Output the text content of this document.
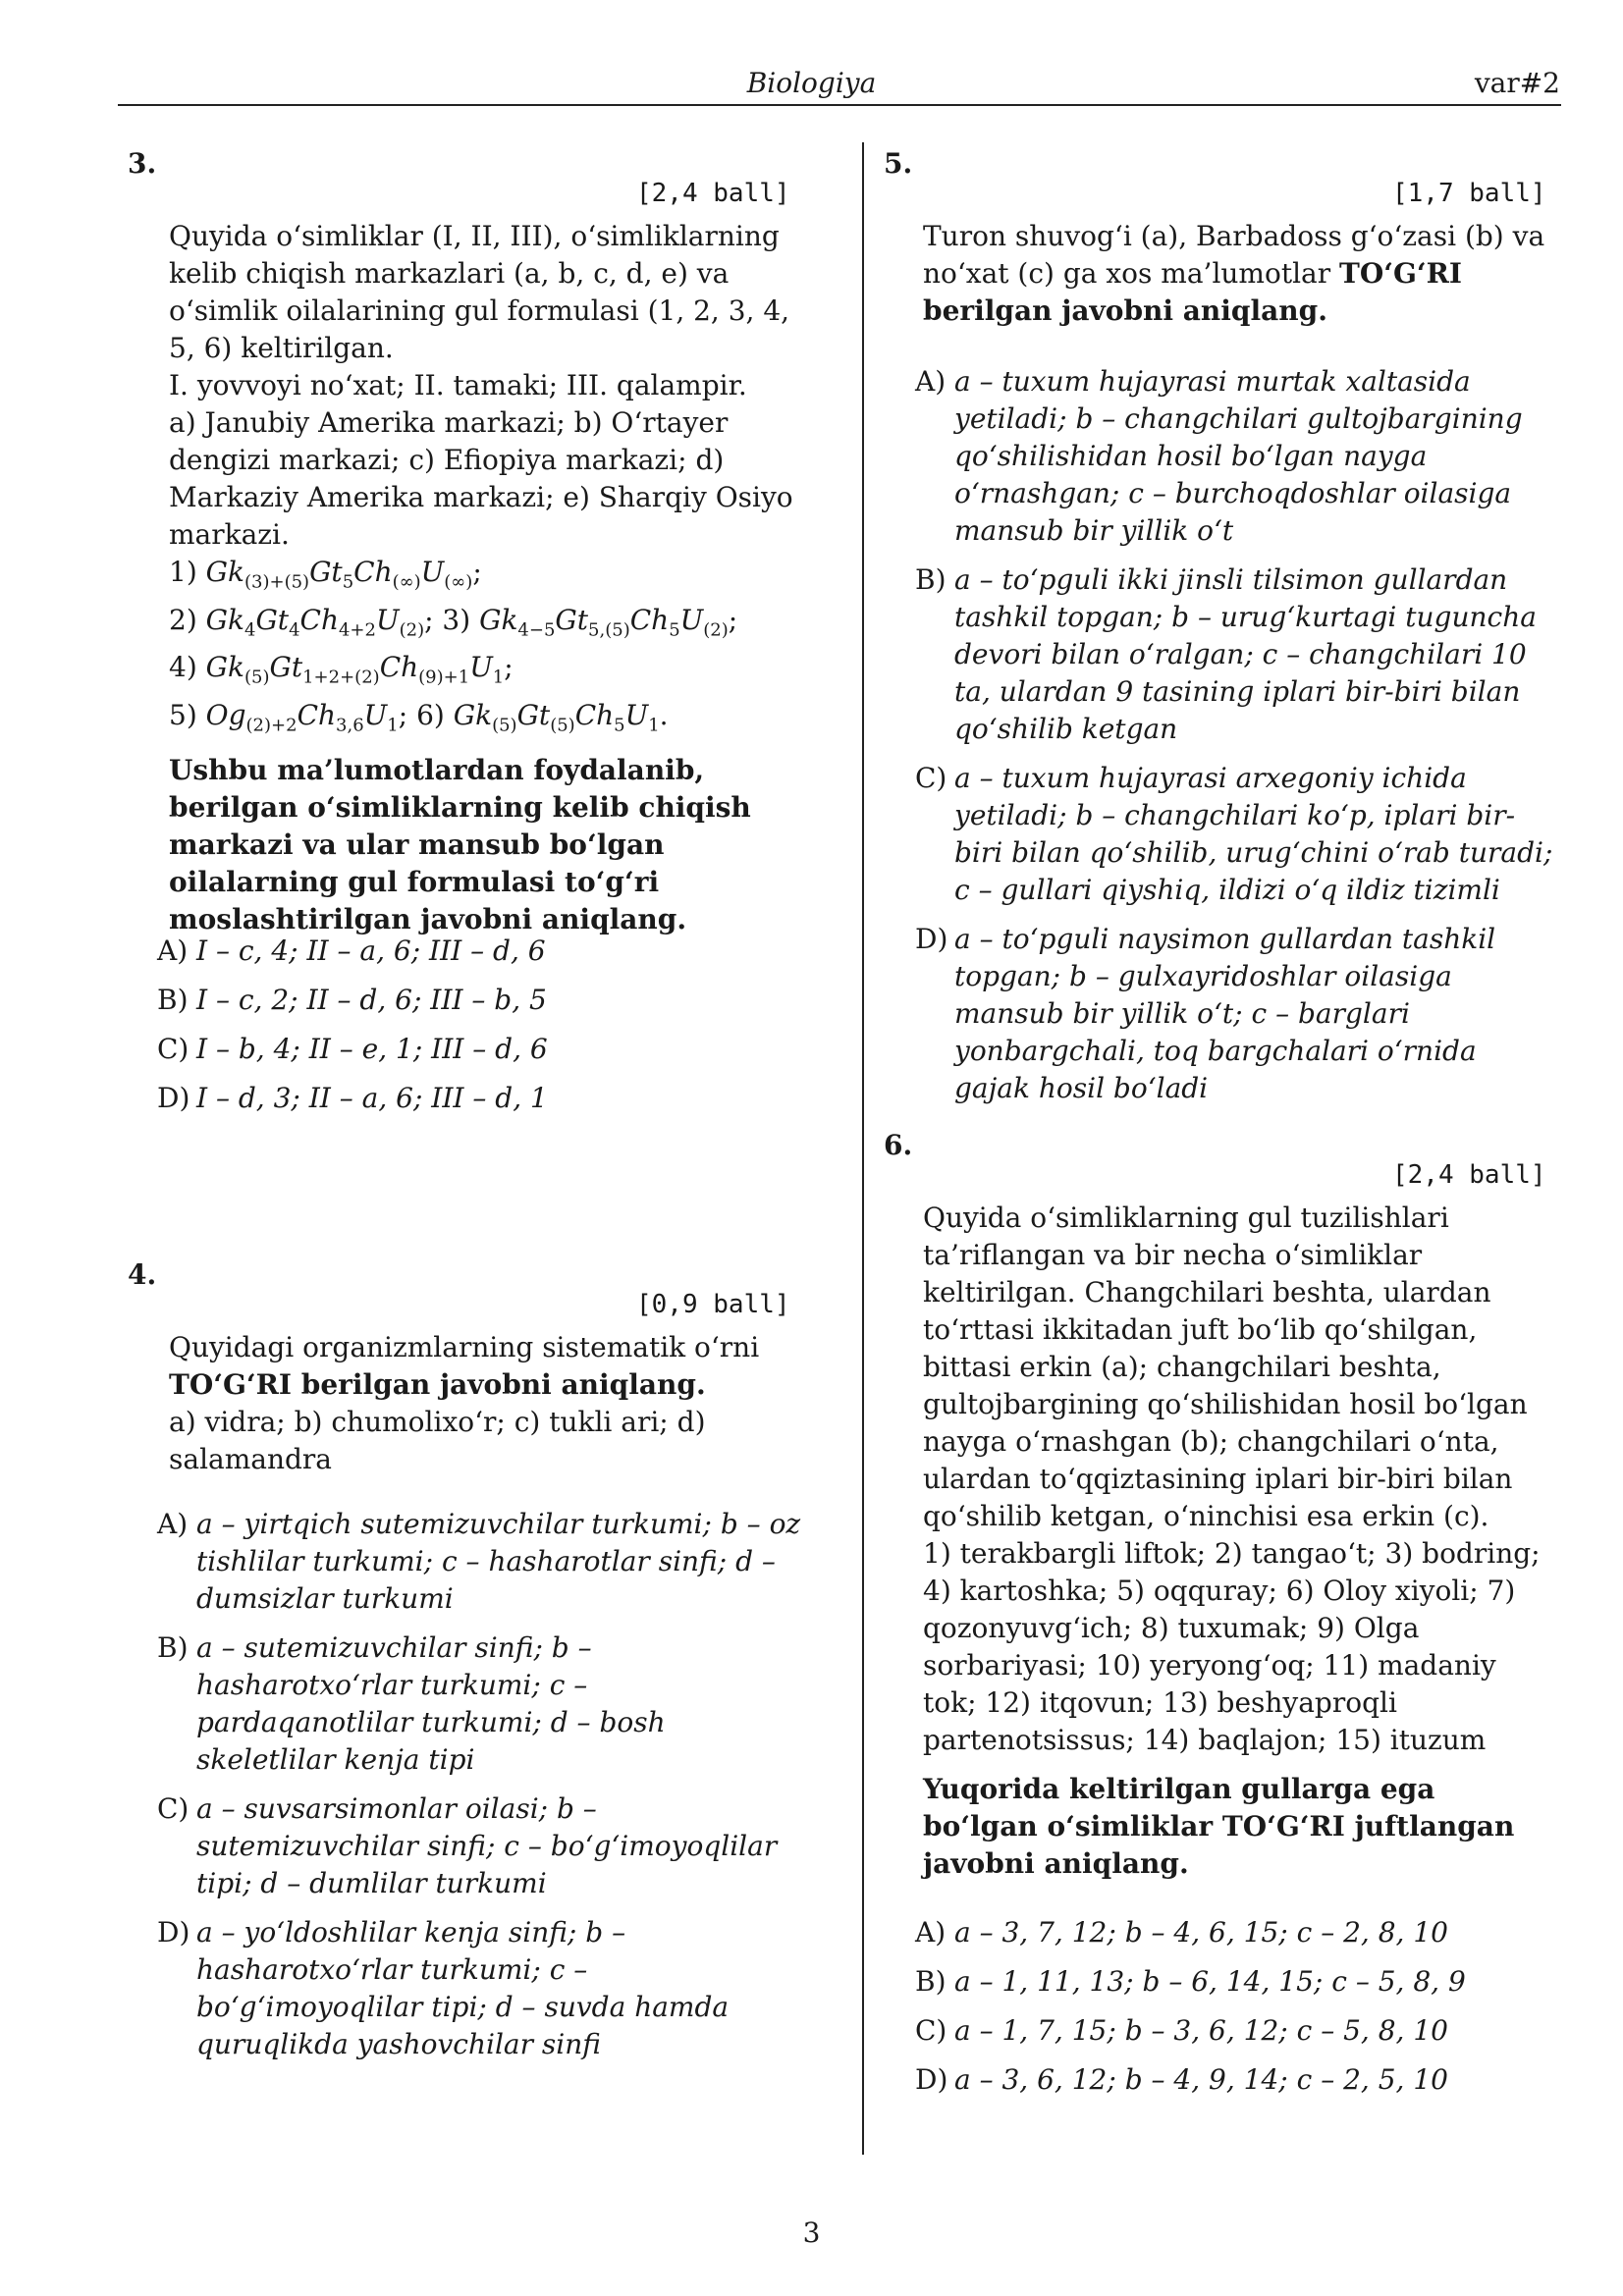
Biologiya	var#2
3.
[2,4 ball]

Quyida o‘simliklar (I, II, III), o‘simliklarning kelib chiqish markazlari (a, b, c, d, e) va o‘simlik oilalarining gul formulasi (1, 2, 3, 4, 5, 6) keltirilgan.

I. yovvoyi no‘xat; II. tamaki; III. qalampir.

a) Janubiy Amerika markazi; b) O‘rtayer dengizi markazi; c) Efiopiya markazi; d) Markaziy Amerika markazi; e) Sharqiy Osiyo markazi.

1) $Gk_{(3)+(5)}Gt_5Ch_{(\infty)}U_{(\infty)}$;

2) $Gk_4Gt_4Ch_{4+2}U_{(2)}$; 3) $Gk_{4-5}Gt_{5,(5)}Ch_5U_{(2)}$;

4) $Gk_{(5)}Gt_{1+2+(2)}Ch_{(9)+1}U_1$;

5) $Og_{(2)+2}Ch_{3,6}U_1$; 6) $Gk_{(5)}Gt_{(5)}Ch_5U_1$.

Ushbu ma’lumotlardan foydalanib, berilgan o‘simliklarning kelib chiqish markazi va ular mansub bo‘lgan oilalarning gul formulasi to‘g‘ri moslashtirilgan javobni aniqlang.

A) I – c, 4; II – a, 6; III – d, 6
B) I – c, 2; II – d, 6; III – b, 5
C) I – b, 4; II – e, 1; III – d, 6
D) I – d, 3; II – a, 6; III – d, 1
4.
[0,9 ball]

Quyidagi organizmlarning sistematik o‘rni

TO‘G‘RI berilgan javobni aniqlang.

a) vidra; b) chumolixo‘r; c) tukli ari; d) salamandra

A) a – yirtqich sutemizuvchilar turkumi; b – oz tishlilar turkumi; c – hasharotlar sinfi; d – dumsizlar turkumi
B) a – sutemizuvchilar sinfi; b – hasharotxo‘rlar turkumi; c – pardaqanotlilar turkumi; d – bosh skeletlilar kenja tipi
C) a – suvsarsimonlar oilasi; b – sutemizuvchilar sinfi; c – bo‘g‘imoyoqlilar tipi; d – dumlilar turkumi
D) a – yo‘ldoshlilar kenja sinfi; b – hasharotxo‘rlar turkumi; c – bo‘g‘imoyoqlilar tipi; d – suvda hamda quruqlikda yashovchilar sinfi
5.
[1,7 ball]

Turon shuvog‘i (a), Barbadoss g‘o‘zasi (b) va no‘xat (c) ga xos ma’lumotlar TO‘G‘RI berilgan javobni aniqlang.

A) a – tuxum hujayrasi murtak xaltasida yetiladi; b – changchilari gultojbargining qo‘shilishidan hosil bo‘lgan nayga o‘rnashgan; c – burchoqdoshlar oilasiga mansub bir yillik o‘t
B) a – to‘pguli ikki jinsli tilsimon gullardan tashkil topgan; b – urug‘kurtagi tuguncha devori bilan o‘ralgan; c – changchilari 10 ta, ulardan 9 tasining iplari bir-biri bilan qo‘shilib ketgan
C) a – tuxum hujayrasi arxegoniy ichida yetiladi; b – changchilari ko‘p, iplari bir-biri bilan qo‘shilib, urug‘chini o‘rab turadi; c – gullari qiyshiq, ildizi o‘q ildiz tizimli
D) a – to‘pguli naysimon gullardan tashkil topgan; b – gulxayridoshlar oilasiga mansub bir yillik o‘t; c – barglari yonbargchali, toq bargchalari o‘rnida gajak hosil bo‘ladi
6.
[2,4 ball]

Quyida o‘simliklarning gul tuzilishlari ta’riflangan va bir necha o‘simliklar keltirilgan. Changchilari beshta, ulardan to‘rttasi ikkitadan juft bo‘lib qo‘shilgan, bittasi erkin (a); changchilari beshta, gultojbargining qo‘shilishidan hosil bo‘lgan nayga o‘rnashgan (b); changchilari o‘nta, ulardan to‘qqiztasining iplari bir-biri bilan qo‘shilib ketgan, o‘ninchisi esa erkin (c).

1) terakbargli liftok; 2) tangao‘t; 3) bodring; 4) kartoshka; 5) oqquray; 6) Oloy xiyoli; 7) qozonyuvg‘ich; 8) tuxumak; 9) Olga sorbariyasi; 10) yeryong‘oq; 11) madaniy tok; 12) itqovun; 13) beshyaproqli partenotsissus; 14) baqlajon; 15) ituzum

Yuqorida keltirilgan gullarga ega bo‘lgan o‘simliklar TO‘G‘RI juftlangan javobni aniqlang.

A) a – 3, 7, 12; b – 4, 6, 15; c – 2, 8, 10
B) a – 1, 11, 13; b – 6, 14, 15; c – 5, 8, 9
C) a – 1, 7, 15; b – 3, 6, 12; c – 5, 8, 10
D) a – 3, 6, 12; b – 4, 9, 14; c – 2, 5, 10
3
